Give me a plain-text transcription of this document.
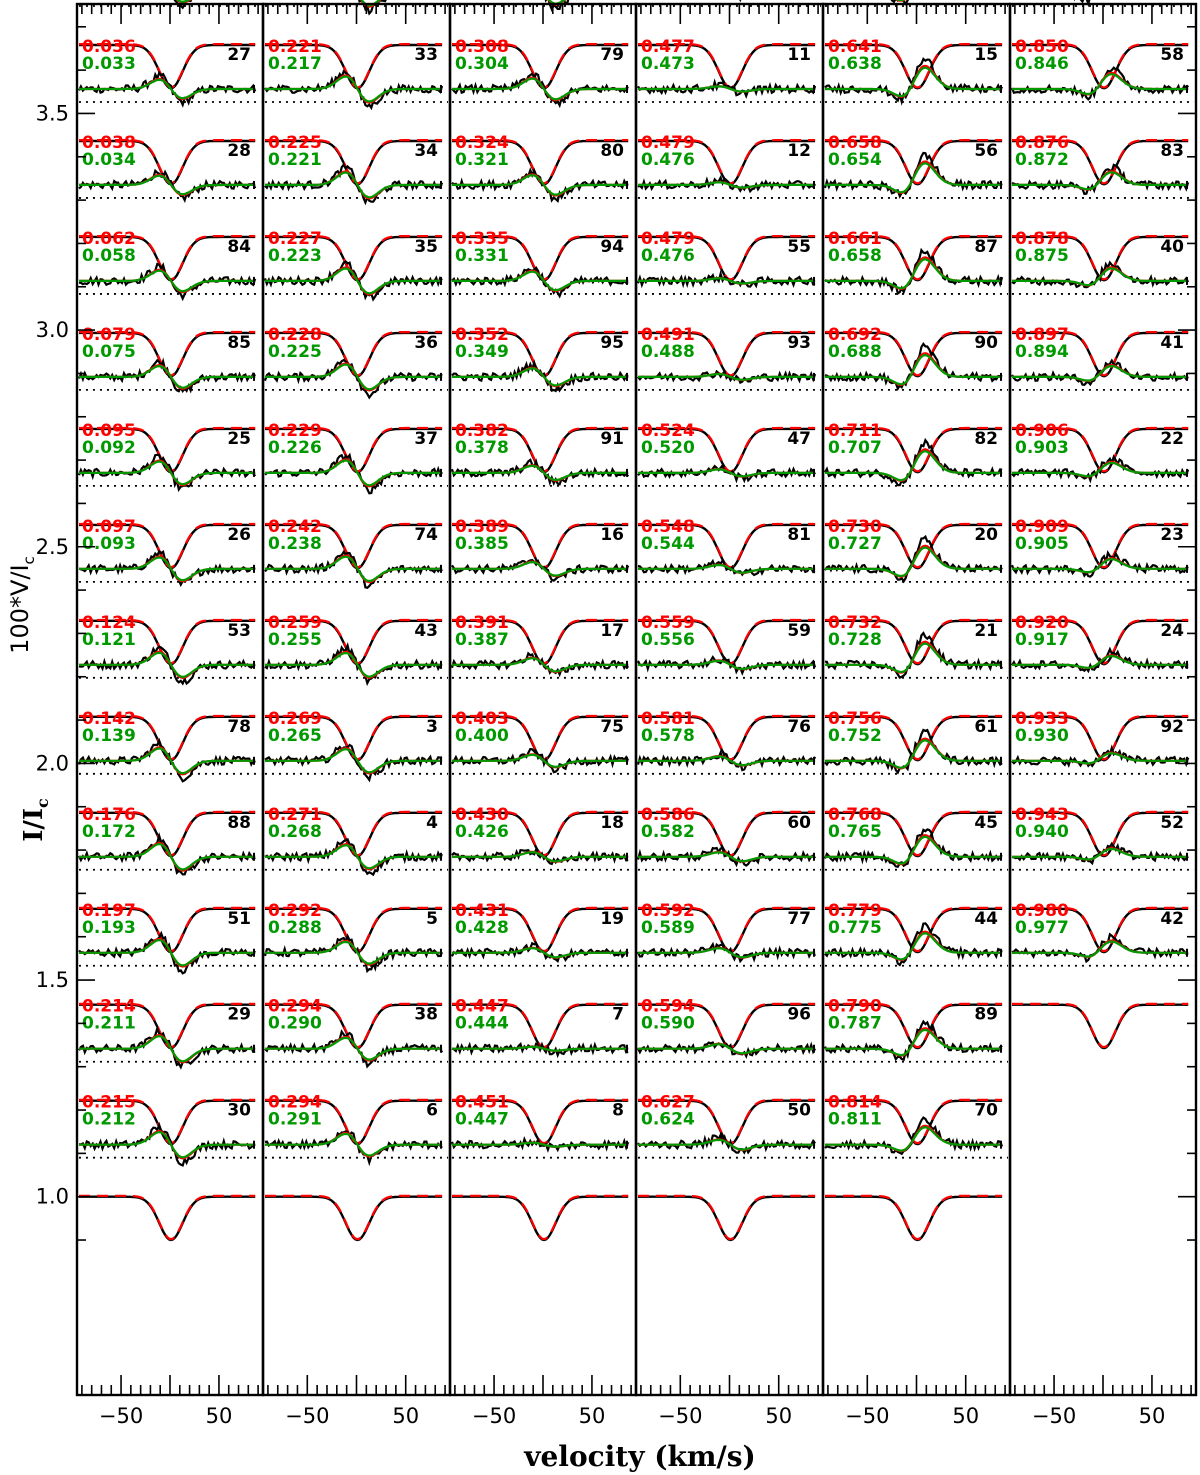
0.036
0.033	27
0.038
0.034	28
0.062
0.058	84
0.079
0.075	85
0.095
0.092	25
0.097
0.093	26
0.124
0.121	53
0.142
0.139	78
0.176
0.172	88
0.197
0.193	51
0.214
0.211	29
0.215
0.212	30
0.221
0.217	33
0.225
0.221	34
0.227
0.223	35
0.228
0.225	36
0.229
0.226	37
0.242
0.238	74
0.259
0.255	43
0.269
0.265	3
0.271
0.268	4
0.292
0.288	5
0.294
0.290	38
0.294
0.291	6
0.308
0.304	79
0.324
0.321	80
0.335
0.331	94
0.352
0.349	95
0.382
0.378	91
0.389
0.385	16
0.391
0.387	17
0.403
0.400	75
0.430
0.426	18
0.431
0.428	19
0.447
0.444	7
0.451
0.447	8
0.477
0.473	11
0.479
0.476	12
0.479
0.476	55
0.491
0.488	93
0.524
0.520	47
0.548
0.544	81
0.559
0.556	59
0.581
0.578	76
0.586
0.582	60
0.592
0.589	77
0.594
0.590	96
0.627
0.624	50
0.641
0.638	15
0.658
0.654	56
0.661
0.658	87
0.692
0.688	90
0.711
0.707	82
0.730
0.727	20
0.732
0.728	21
0.756
0.752	61
0.768
0.765	45
0.779
0.775	44
0.790
0.787	89
0.814
0.811	70
0.850
0.846	58
0.876
0.872	83
0.878
0.875	40
0.897
0.894	41
0.906
0.903	22
0.909
0.905	23
0.920
0.917	24
0.933
0.930	92
0.943
0.940	52
0.980
0.977	42
−50	50	−50	50	−50	50	−50	50	−50	50	−50	50
1.0
1.5
2.0
2.5
3.0
3.5
$I/I_c$
$100*V/I_c$
velocity (km/s)
